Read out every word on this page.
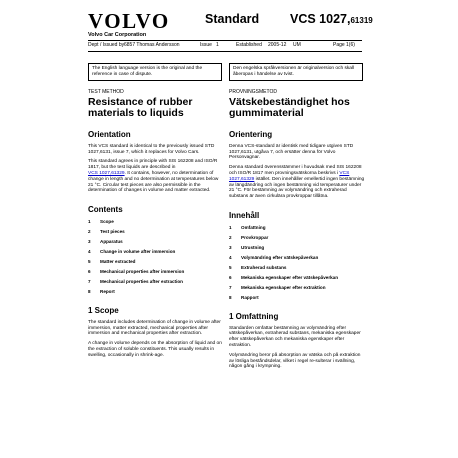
VOLVO
Volvo Car Corporation
Standard VCS 1027,61319
Dept / Issued by 6857 Thomas Andersson	Issue 1	Established 2005-12 UM	Page 1(6)
The English language version is the original and the reference in case of dispute.
Den engelska språkversionen är originalversion och skall åberopas i händelse av tvist.
TEST METHOD
Resistance of rubber materials to liquids
Orientation

This VCS standard is identical to the previously issued STD 1027,6131, issue 7, which it replaces for Volvo Cars.

This standard agrees in principle with SIS 162208 and ISO/R 1817, but the test liquids are described in
VCS 1027,61329. It contains, however, no determination of change in length and no determination at temperatures below 21 °C. Circular test pieces are also permissible in the determination of changes in volume and matter extracted.

Contents
1	Scope
2	Test pieces
3	Apparatus
4	Change in volume after immersion
5	Matter extracted
6	Mechanical properties after immersion
7	Mechanical properties after extraction
8	Report
1 Scope

The standard includes determination of change in volume after immersion, matter extracted, mechanical properties after immersion and mechanical properties after extraction.

A change in volume depends on the absorption of liquid and on the extraction of soluble constituents. This usually results in swelling, occasionally in shrink-age.

PROVNINGSMETOD
Vätskebeständighet hos gummimaterial
Orientering

Denna VCS-standard är identisk med tidigare utgiven STD 1027,6131, utgåva 7, och ersätter denna för Volvo Personvagnar.

Denna standard överensstämmer i huvudsak med SIS 162208 och ISO/R 1817 men provningsvätskorna beskrivs i VCS 1027,61329 istället. Den innehåller emellertid ingen bestämning av längdändring och ingen bestämning vid temperaturer under 21 °C. För bestämning av volymändring och extraherad substans är även cirkulära provkroppar tillåtna.

Innehåll
1	Omfattning
2	Provkroppar
3	Utrustning
4	Volymändring efter vätskepåverkan
5	Extraherad substans
6	Mekaniska egenskaper efter vätskepåverkan
7	Mekaniska egenskaper efter extraktion
8	Rapport
1 Omfattning

Standarden omfattar bestämning av volymändring efter vätskepåverkan, extraherad substans, mekaniska egenskaper efter vätskepåverkan och mekaniska egenskaper efter extraktion.

Volymändring beror på absorption av vätska och på extraktion av lösliga beståndsdelar, vilket i regel re-sulterar i svällning, någon gång i krympning.
